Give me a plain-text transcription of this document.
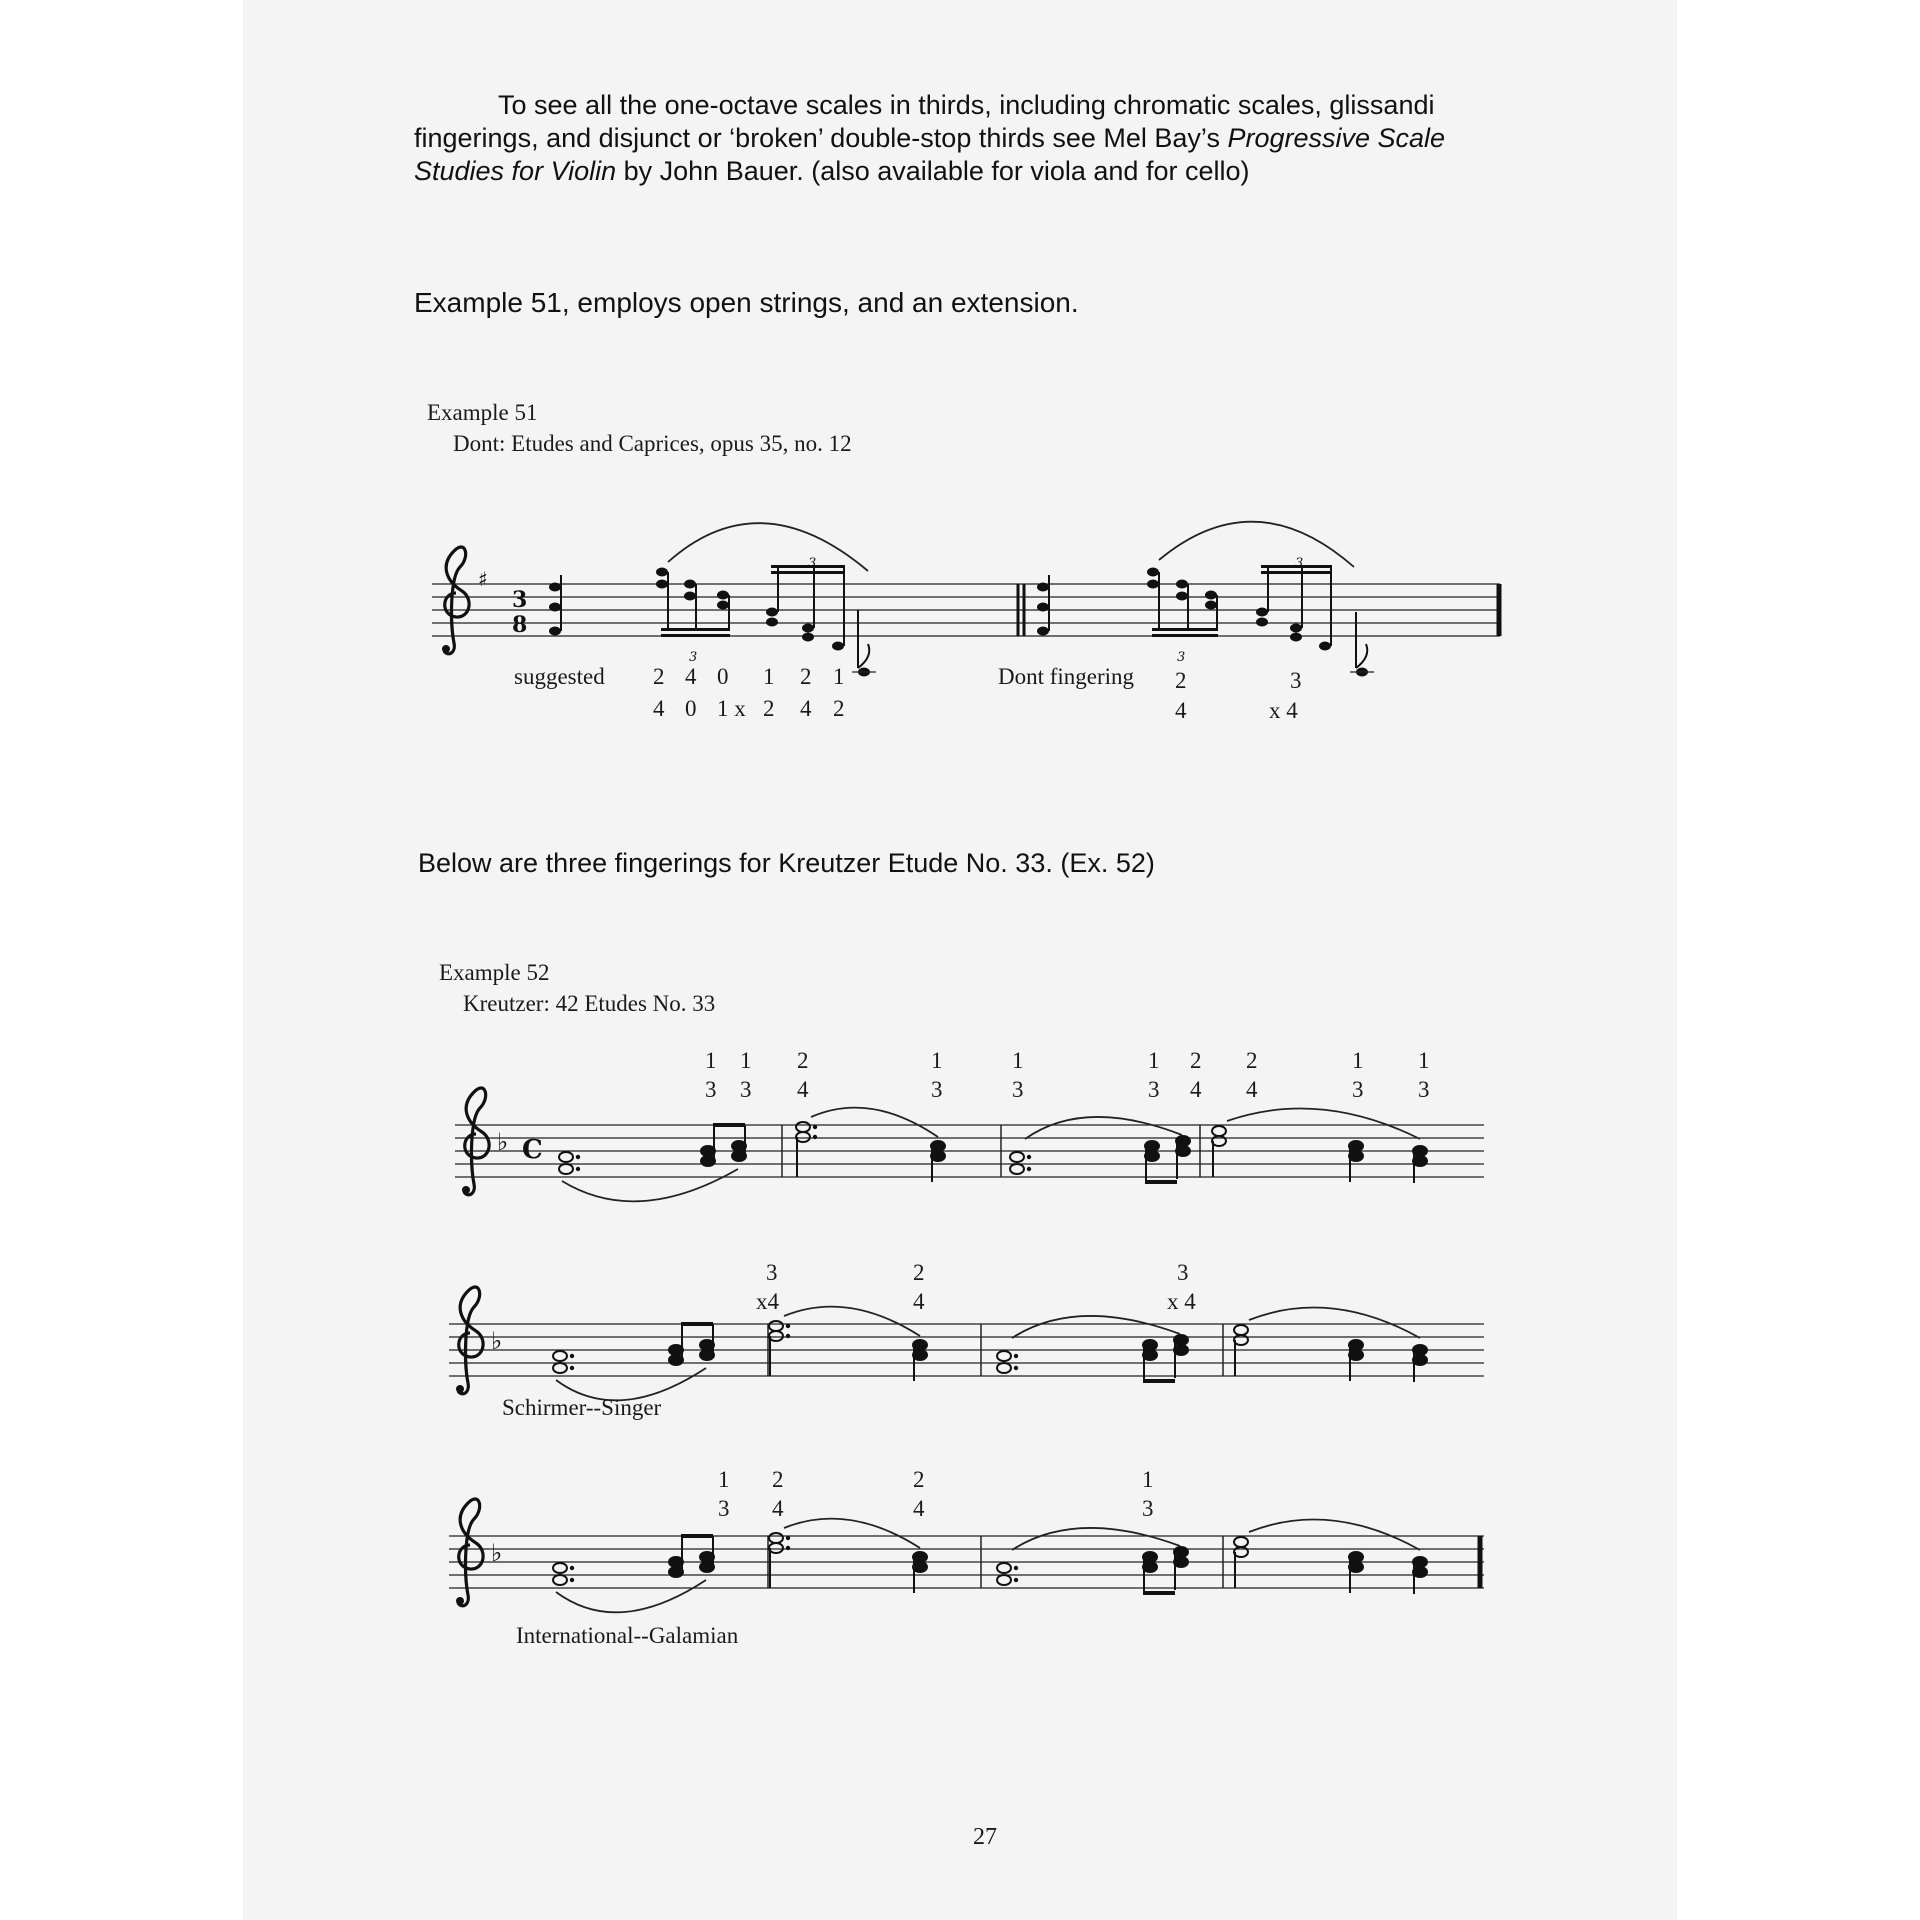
To see all the one-octave scales in thirds, including chromatic scales, glissandi
fingerings, and disjunct or ‘broken’ double-stop thirds see Mel Bay’s Progressive Scale
Studies for Violin by John Bauer. (also available for viola and for cello)
Example 51, employs open strings, and an extension.
Example 51
Dont: Etudes and Caprices, opus 35, no. 12
Below are three fingerings for Kreutzer Etude No. 33. (Ex. 52)
Example 52
Kreutzer: 42 Etudes No. 33
♯
3
8
3
3
3
3
♭ C
♭
♭
suggested 2 4 0 1 2 1
4 0 1 x 2 4 2
Dont fingering 2	3
4	x 4
1
3
1
3
2
4
1
3
1
3
1
3
2
4
2
4
1
3
1
3
3
x4
2
4
3
x 4
1
3
2
4
2
4
1
3
Schirmer--Singer
International--Galamian
27
